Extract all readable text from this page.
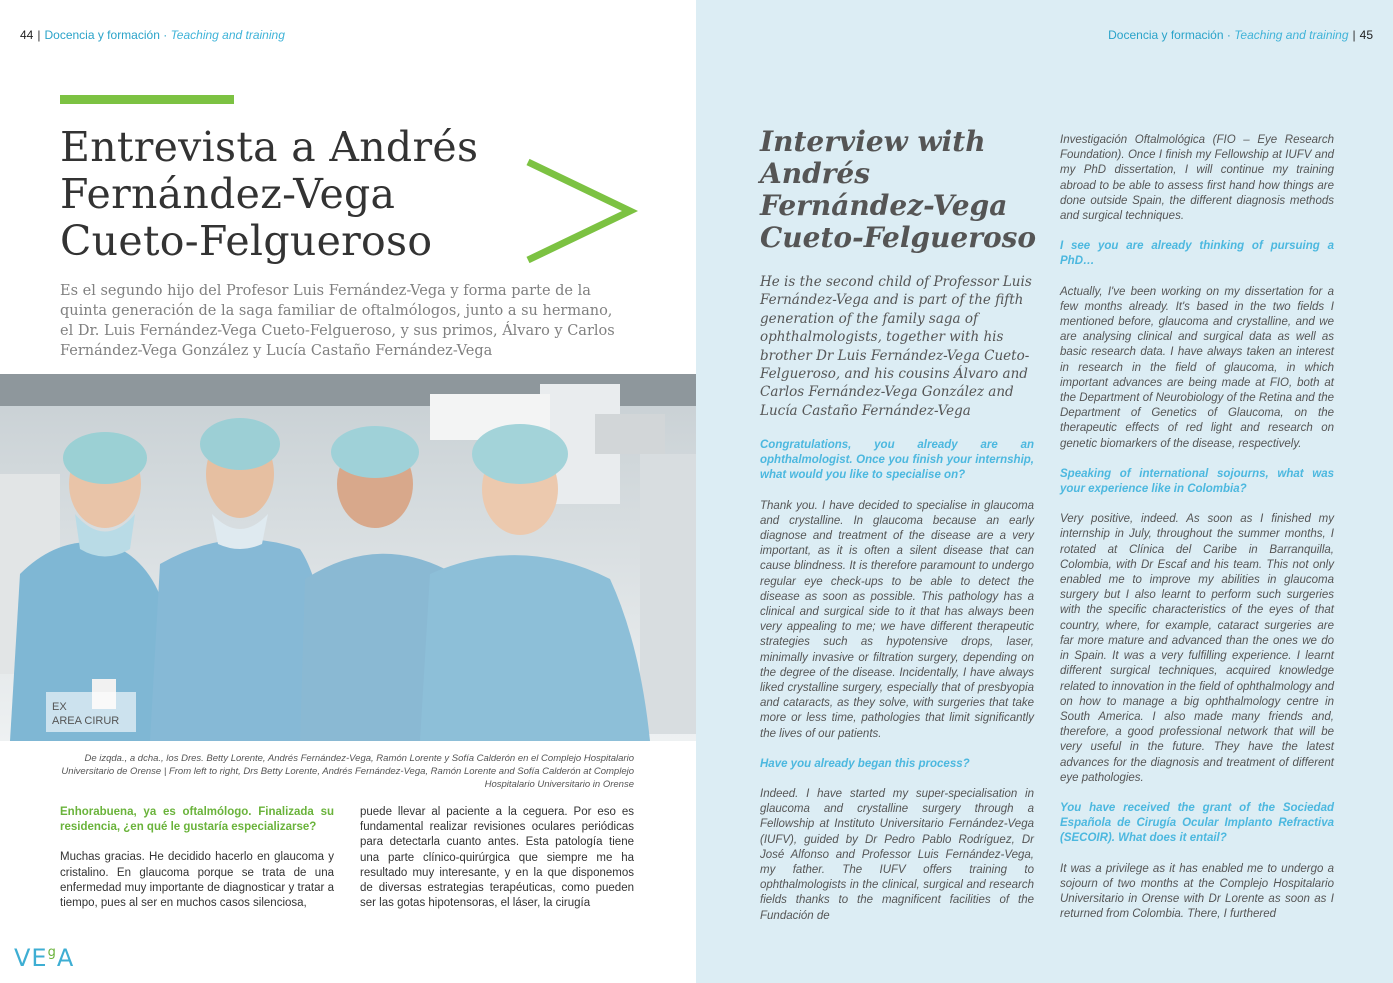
44 | Docencia y formación · Teaching and training
Entrevista a Andrés Fernández-Vega Cueto-Felgueroso

Es el segundo hijo del Profesor Luis Fernández-Vega y forma parte de la quinta generación de la saga familiar de oftalmólogos, junto a su hermano, el Dr. Luis Fernández-Vega Cueto-Felgueroso, y sus primos, Álvaro y Carlos Fernández-Vega González y Lucía Castaño Fernández-Vega

EX
AREA CIRUR

De izqda., a dcha., los Dres. Betty Lorente, Andrés Fernández-Vega, Ramón Lorente y Sofía Calderón en el Complejo Hospitalario Universitario de Orense | From left to right, Drs Betty Lorente, Andrés Fernández-Vega, Ramón Lorente and Sofía Calderón at Complejo Hospitalario Universitario in Orense

Enhorabuena, ya es oftalmólogo. Finalizada su residencia, ¿en qué le gustaría especializarse?

Muchas gracias. He decidido hacerlo en glaucoma y cristalino. En glaucoma porque se trata de una enfermedad muy importante de diagnosticar y tratar a tiempo, pues al ser en muchos casos silenciosa,

puede llevar al paciente a la ceguera. Por eso es fundamental realizar revisiones oculares periódicas para detectarla cuanto antes. Esta patología tiene una parte clínico-quirúrgica que siempre me ha resultado muy interesante, y en la que disponemos de diversas estrategias terapéuticas, como pueden ser las gotas hipotensoras, el láser, la cirugía

$VE^gA$
Docencia y formación · Teaching and training | 45
Interview with Andrés Fernández-Vega Cueto-Felgueroso

He is the second child of Professor Luis Fernández-Vega and is part of the fifth generation of the family saga of ophthalmologists, together with his brother Dr Luis Fernández-Vega Cueto-Felgueroso, and his cousins Álvaro and Carlos Fernández-Vega González and Lucía Castaño Fernández-Vega

Congratulations, you already are an ophthalmologist. Once you finish your internship, what would you like to specialise on?

Thank you. I have decided to specialise in glaucoma and crystalline. In glaucoma because an early diagnose and treatment of the disease are a very important, as it is often a silent disease that can cause blindness. It is therefore paramount to undergo regular eye check-ups to be able to detect the disease as soon as possible. This pathology has a clinical and surgical side to it that has always been very appealing to me; we have different therapeutic strategies such as hypotensive drops, laser, minimally invasive or filtration surgery, depending on the degree of the disease. Incidentally, I have always liked crystalline surgery, especially that of presbyopia and cataracts, as they solve, with surgeries that take more or less time, pathologies that limit significantly the lives of our patients.

Have you already began this process?

Indeed. I have started my super-specialisation in glaucoma and crystalline surgery through a Fellowship at Instituto Universitario Fernández-Vega (IUFV), guided by Dr Pedro Pablo Rodríguez, Dr José Alfonso and Professor Luis Fernández-Vega, my father. The IUFV offers training to ophthalmologists in the clinical, surgical and research fields thanks to the magnificent facilities of the Fundación de

Investigación Oftalmológica (FIO – Eye Research Foundation). Once I finish my Fellowship at IUFV and my PhD dissertation, I will continue my training abroad to be able to assess first hand how things are done outside Spain, the different diagnosis methods and surgical techniques.

I see you are already thinking of pursuing a PhD…

Actually, I've been working on my dissertation for a few months already. It's based in the two fields I mentioned before, glaucoma and crystalline, and we are analysing clinical and surgical data as well as basic research data. I have always taken an interest in research in the field of glaucoma, in which important advances are being made at FIO, both at the Department of Neurobiology of the Retina and the Department of Genetics of Glaucoma, on the therapeutic effects of red light and research on genetic biomarkers of the disease, respectively.

Speaking of international sojourns, what was your experience like in Colombia?

Very positive, indeed. As soon as I finished my internship in July, throughout the summer months, I rotated at Clínica del Caribe in Barranquilla, Colombia, with Dr Escaf and his team. This not only enabled me to improve my abilities in glaucoma surgery but I also learnt to perform such surgeries with the specific characteristics of the eyes of that country, where, for example, cataract surgeries are far more mature and advanced than the ones we do in Spain. It was a very fulfilling experience. I learnt different surgical techniques, acquired knowledge related to innovation in the field of ophthalmology and on how to manage a big ophthalmology centre in South America. I also made many friends and, therefore, a good professional network that will be very useful in the future. They have the latest advances for the diagnosis and treatment of different eye pathologies.

You have received the grant of the Sociedad Española de Cirugía Ocular Implanto Refractiva (SECOIR). What does it entail?

It was a privilege as it has enabled me to undergo a sojourn of two months at the Complejo Hospitalario Universitario in Orense with Dr Lorente as soon as I returned from Colombia. There, I furthered
